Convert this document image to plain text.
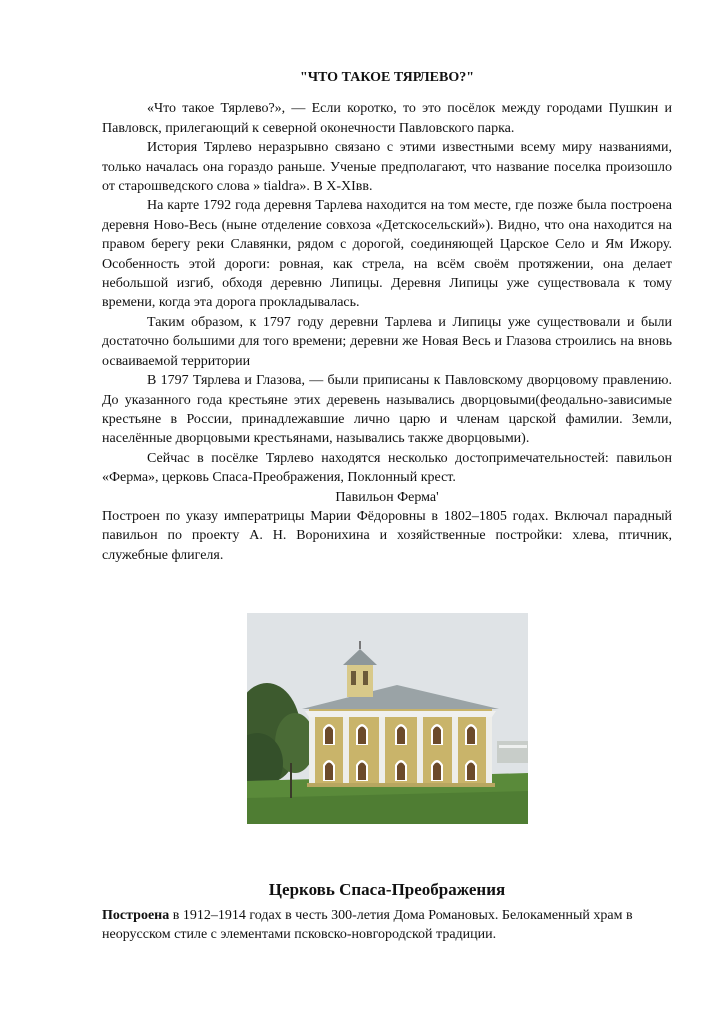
"ЧТО ТАКОЕ ТЯРЛЕВО?"

«Что такое Тярлево?», — Если коротко, то это посёлок между городами Пушкин и Павловск, прилегающий к северной оконечности Павловского парка.

История Тярлево неразрывно связано с этими известными всему миру названиями, только началась она гораздо раньше. Ученые предполагают, что название поселка произошло от старошведского слова » tialdra». В X-XIвв.

На карте 1792 года деревня Тарлева находится на том месте, где позже была построена деревня Ново-Весь (ныне отделение совхоза «Детскосельский»). Видно, что она находится на правом берегу реки Славянки, рядом с дорогой, соединяющей Царское Село и Ям Ижору. Особенность этой дороги: ровная, как стрела, на всём своём протяжении, она делает небольшой изгиб, обходя деревню Липицы. Деревня Липицы уже существовала к тому времени, когда эта дорога прокладывалась.

Таким образом, к 1797 году деревни Тарлева и Липицы уже существовали и были достаточно большими для того времени; деревни же Новая Весь и Глазова строились на вновь осваиваемой территории

В 1797 Тярлева и Глазова, — были приписаны к Павловскому дворцовому правлению. До указанного года крестьяне этих деревень назывались дворцовыми(феодально-зависимые крестьяне в России, принадлежавшие лично царю и членам царской фамилии. Земли, населённые дворцовыми крестьянами, назывались также дворцовыми).

Сейчас в посёлке Тярлево находятся несколько достопримечательностей: павильон «Ферма», церковь Спаса-Преображения, Поклонный крест.

Павильон Ферма'

Построен по указу императрицы Марии Фёдоровны в 1802–1805 годах. Включал парадный павильон по проекту А. Н. Воронихина и хозяйственные постройки: хлева, птичник, служебные флигеля.

Церковь Спаса-Преображения

Построена в 1912–1914 годах в честь 300-летия Дома Романовых. Белокаменный храм в неорусском стиле с элементами псковско-новгородской традиции.
